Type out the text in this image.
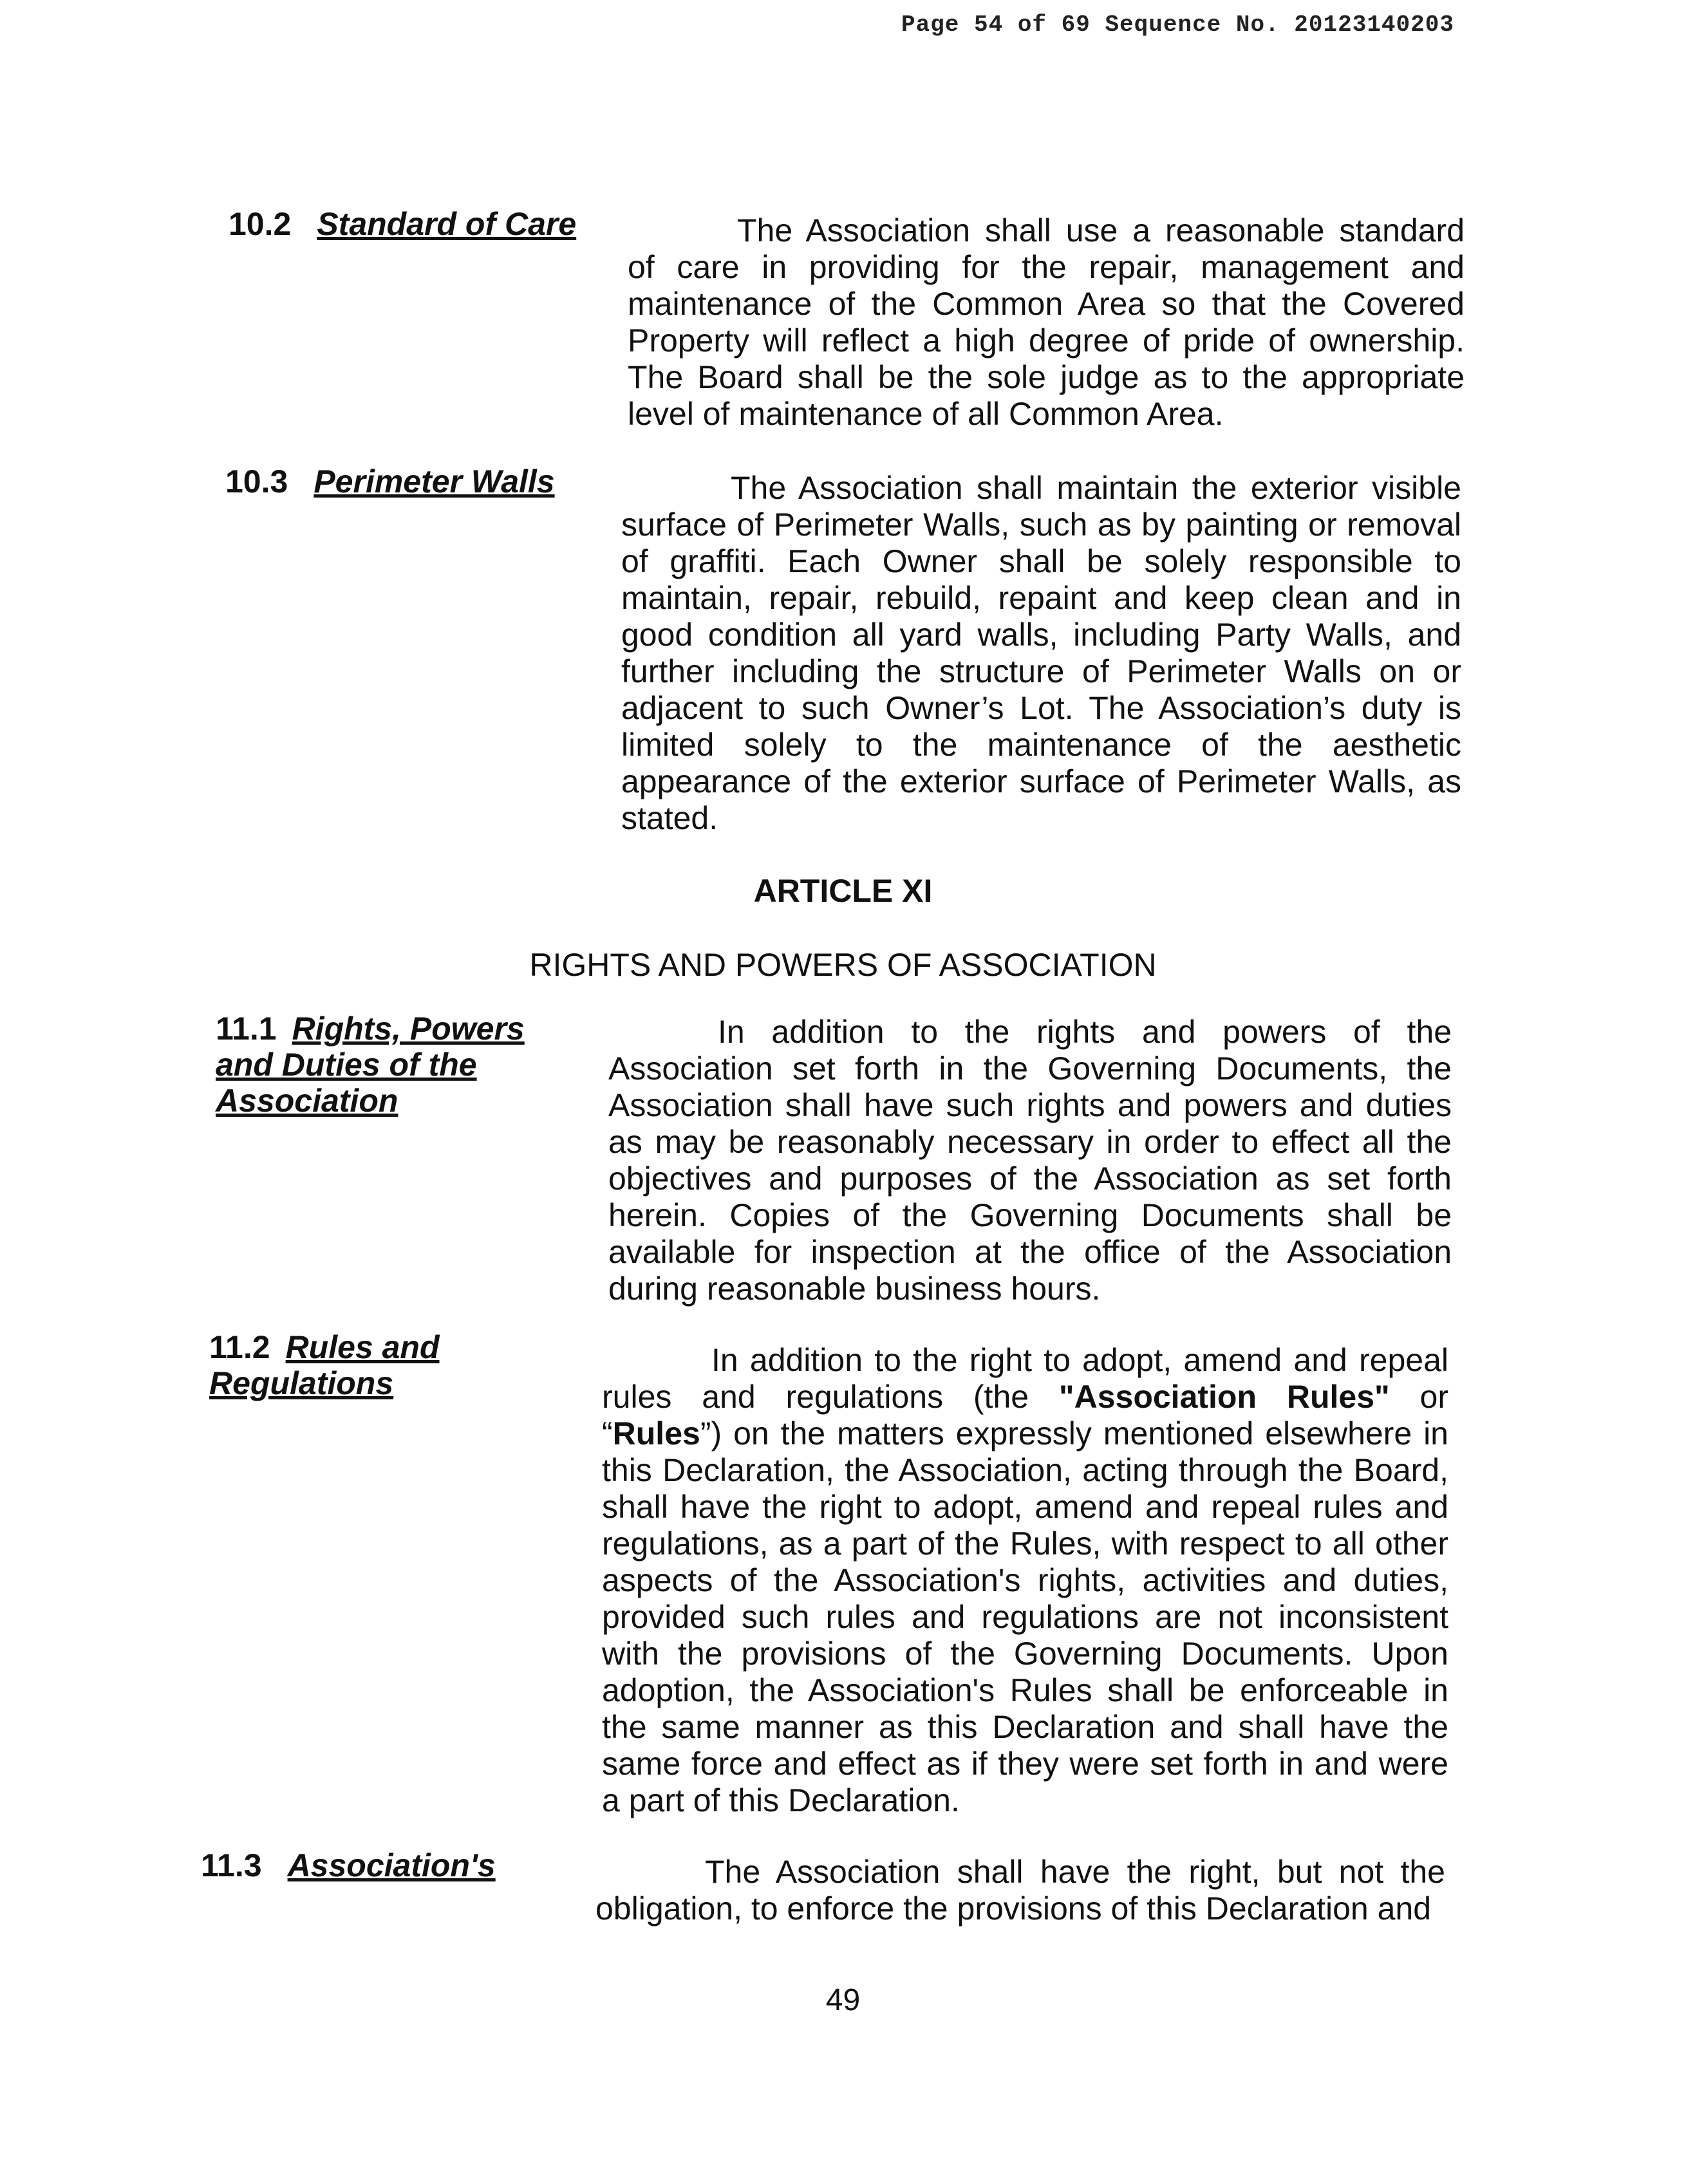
Page 54 of 69 Sequence No. 20123140203
10.2 Standard of Care	The Association shall use a reasonable standard of care in providing for the repair, management and maintenance of the Common Area so that the Covered Property will reflect a high degree of pride of ownership. The Board shall be the sole judge as to the appropriate level of maintenance of all Common Area.
10.3 Perimeter Walls	The Association shall maintain the exterior visible surface of Perimeter Walls, such as by painting or removal of graffiti. Each Owner shall be solely responsible to maintain, repair, rebuild, repaint and keep clean and in good condition all yard walls, including Party Walls, and further including the structure of Perimeter Walls on or adjacent to such Owner’s Lot. The Association’s duty is limited solely to the maintenance of the aesthetic appearance of the exterior surface of Perimeter Walls, as stated.
ARTICLE XI
RIGHTS AND POWERS OF ASSOCIATION
11.1 Rights, Powers and Duties of the Association
In addition to the rights and powers of the Association set forth in the Governing Documents, the Association shall have such rights and powers and duties as may be reasonably necessary in order to effect all the objectives and purposes of the Association as set forth herein. Copies of the Governing Documents shall be available for inspection at the office of the Association during reasonable business hours.
11.2 Rules and Regulations
In addition to the right to adopt, amend and repeal rules and regulations (the "Association Rules" or “Rules”) on the matters expressly mentioned elsewhere in this Declaration, the Association, acting through the Board, shall have the right to adopt, amend and repeal rules and regulations, as a part of the Rules, with respect to all other aspects of the Association's rights, activities and duties, provided such rules and regulations are not inconsistent with the provisions of the Governing Documents. Upon adoption, the Association's Rules shall be enforceable in the same manner as this Declaration and shall have the same force and effect as if they were set forth in and were a part of this Declaration.
11.3 Association's	The Association shall have the right, but not the obligation, to enforce the provisions of this Declaration and
49
